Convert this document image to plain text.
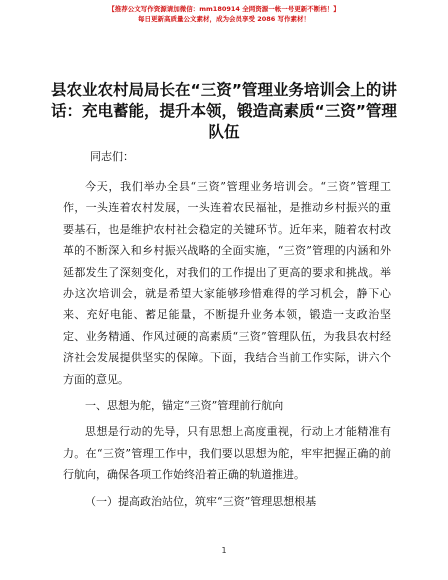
【推荐公文写作资源请加微信：mm180914 全网资源一帐一号更新不断档！】
每日更新高质量公文素材，成为会员享受 2086 写作素材！
县农业农村局局长在“三资”管理业务培训会上的讲话：充电蓄能，提升本领，锻造高素质“三资”管理队伍
同志们：

今天，我们举办全县“三资”管理业务培训会。“三资”管理工作，一头连着农村发展，一头连着农民福祉，是推动乡村振兴的重要基石，也是维护农村社会稳定的关键环节。近年来，随着农村改革的不断深入和乡村振兴战略的全面实施，“三资”管理的内涵和外延都发生了深刻变化，对我们的工作提出了更高的要求和挑战。举办这次培训会，就是希望大家能够珍惜难得的学习机会，静下心来、充好电能、蓄足能量，不断提升业务本领，锻造一支政治坚定、业务精通、作风过硬的高素质“三资”管理队伍，为我县农村经济社会发展提供坚实的保障。下面，我结合当前工作实际，讲六个方面的意见。

一、思想为舵，锚定“三资”管理前行航向

思想是行动的先导，只有思想上高度重视，行动上才能精准有力。在“三资”管理工作中，我们要以思想为舵，牢牢把握正确的前行航向，确保各项工作始终沿着正确的轨道推进。

（一）提高政治站位，筑牢“三资”管理思想根基

1
